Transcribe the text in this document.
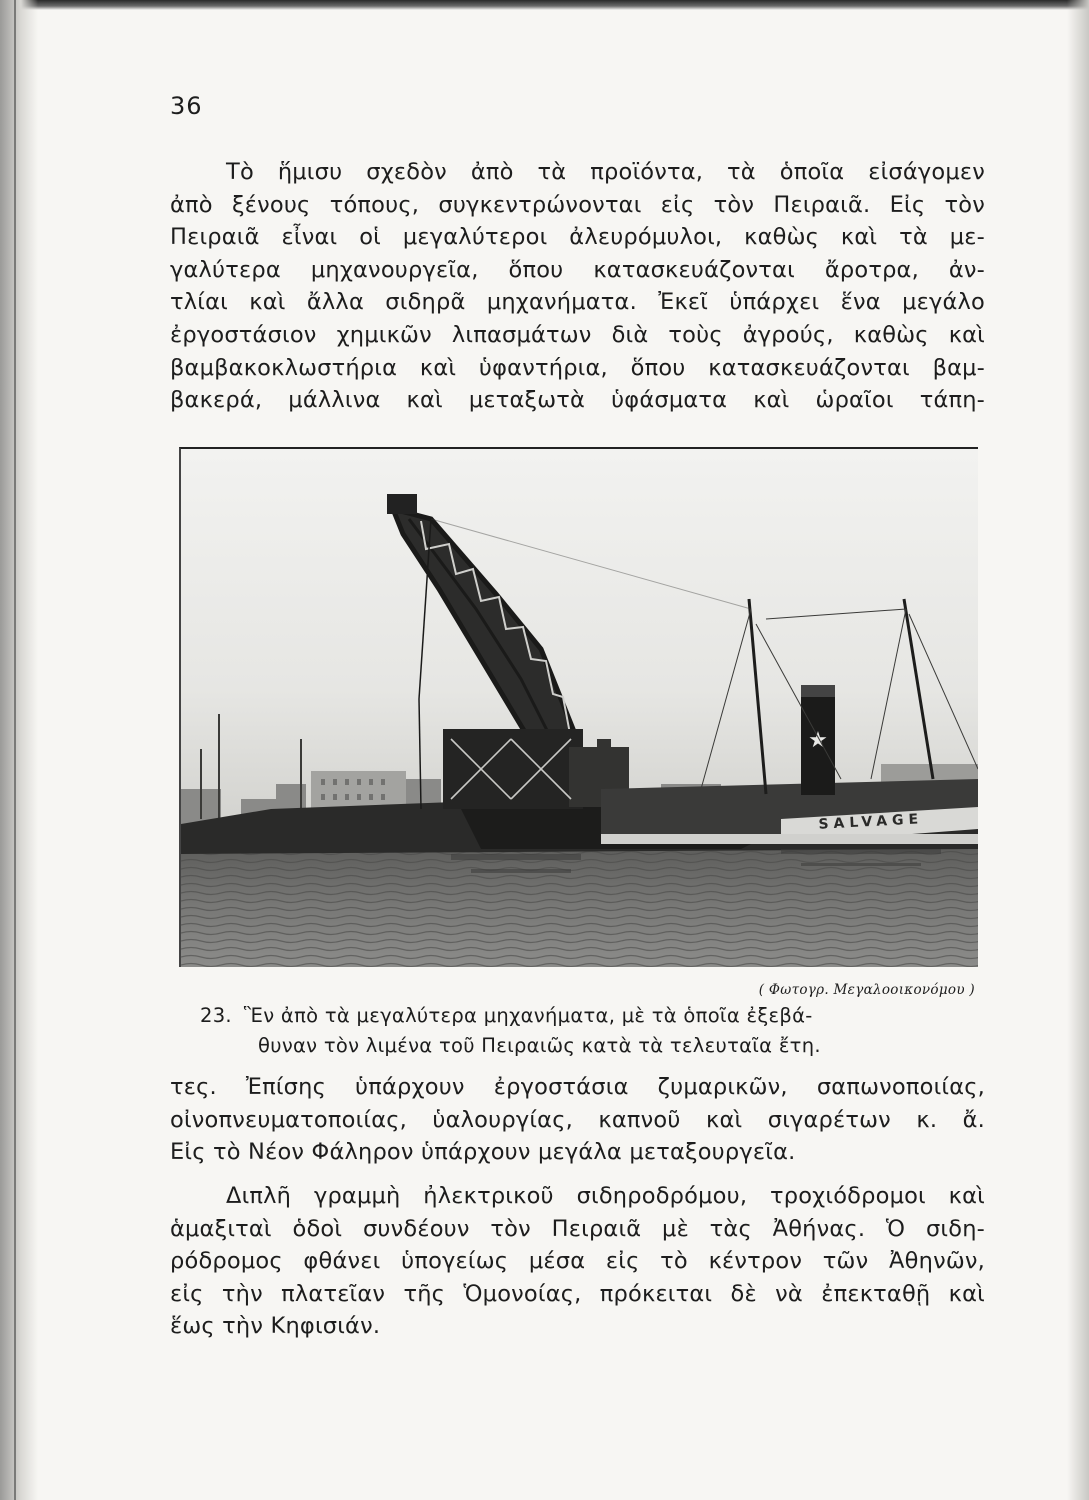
36
Τὸ ἥμισυ σχεδὸν ἀπὸ τὰ προϊόντα, τὰ ὁποῖα εἰσάγομεν
ἀπὸ ξένους τόπους, συγκεντρώνονται εἰς τὸν Πειραιᾶ. Εἰς τὸν
Πειραιᾶ εἶναι οἱ μεγαλύτεροι ἀλευρόμυλοι, καθὼς καὶ τὰ με-
γαλύτερα μηχανουργεῖα, ὅπου κατασκευάζονται ἄροτρα, ἀν-
τλίαι καὶ ἄλλα σιδηρᾶ μηχανήματα. Ἐκεῖ ὑπάρχει ἕνα μεγάλο
ἐργοστάσιον χημικῶν λιπασμάτων διὰ τοὺς ἀγρούς, καθὼς καὶ
βαμβακοκλωστήρια καὶ ὑφαντήρια, ὅπου κατασκευάζονται βαμ-
βακερά, μάλλινα καὶ μεταξωτὰ ὑφάσματα καὶ ὡραῖοι τάπη-
★
SALVAGE
( Φωτογρ. Μεγαλοοικονόμου )
23. Ἓν ἀπὸ τὰ μεγαλύτερα μηχανήματα, μὲ τὰ ὁποῖα ἐξεβά-
θυναν τὸν λιμένα τοῦ Πειραιῶς κατὰ τὰ τελευταῖα ἔτη.
τες. Ἐπίσης ὑπάρχουν ἐργοστάσια ζυμαρικῶν, σαπωνοποιίας,
οἰνοπνευματοποιίας, ὑαλουργίας, καπνοῦ καὶ σιγαρέτων κ. ἄ.
Εἰς τὸ Νέον Φάληρον ὑπάρχουν μεγάλα μεταξουργεῖα.
Διπλῆ γραμμὴ ἠλεκτρικοῦ σιδηροδρόμου, τροχιόδρομοι καὶ
ἁμαξιταὶ ὁδοὶ συνδέουν τὸν Πειραιᾶ μὲ τὰς Ἀθήνας. Ὁ σιδη-
ρόδρομος φθάνει ὑπογείως μέσα εἰς τὸ κέντρον τῶν Ἀθηνῶν,
εἰς τὴν πλατεῖαν τῆς Ὁμονοίας, πρόκειται δὲ νὰ ἐπεκταθῇ καὶ
ἕως τὴν Κηφισιάν.
